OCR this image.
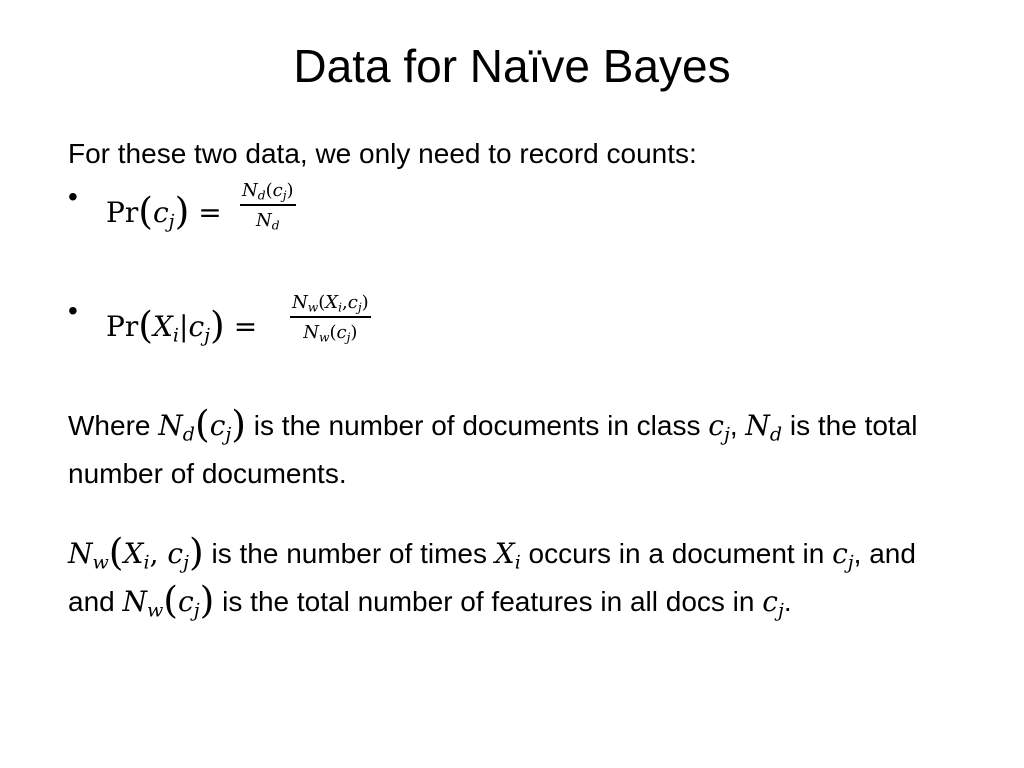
Data for Naïve Bayes
For these two data, we only need to record counts:
• $Pr(c_j) = \frac{N_d(c_j)}{N_d}$
• $Pr(X_i|c_j) = \frac{N_w(X_i,c_j)}{N_w(c_j)}$
Where $N_d(c_j)$ is the number of documents in class $c_j$, $N_d$ is the total number of documents.
$N_w(X_i$, $c_j$) is the number of times $X_i$ occurs in a document in $c_j$, and and $N_w(c_j)$ is the total number of features in all docs in $c_j$.
